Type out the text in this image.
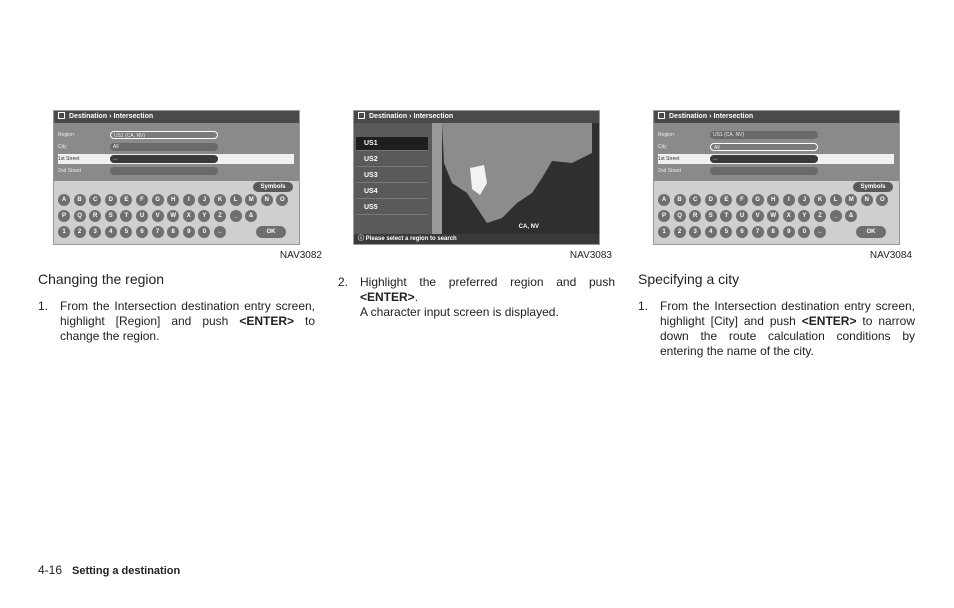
Destination › Intersection
Region	US1 (CA, NV)
City	All
1st Street	...
2nd Street
Symbols
A	B	C	D	E	F	G	H	I	J	K	L	M	N	O
P	Q	R	S	T	U	V	W	X	Y	Z	_	&
1	2	3	4	5	6	7	8	9	0	←	OK
NAV3082
Changing the region
1. From the Intersection destination entry screen, highlight [Region] and push <ENTER> to change the region.
Destination › Intersection
US1
US2
US3
US4
US5
CA, NV
ⓘ Please select a region to search
NAV3083
2. Highlight the preferred region and push <ENTER>.
A character input screen is displayed.
Destination › Intersection
Region	US1 (CA, NV)
City	All
1st Street	...
2nd Street
Symbols
A	B	C	D	E	F	G	H	I	J	K	L	M	N	O
P	Q	R	S	T	U	V	W	X	Y	Z	_	&
1	2	3	4	5	6	7	8	9	0	←	OK
NAV3084
Specifying a city
1. From the Intersection destination entry screen, highlight [City] and push <ENTER> to narrow down the route calculation conditions by entering the name of the city.
4-16 Setting a destination
